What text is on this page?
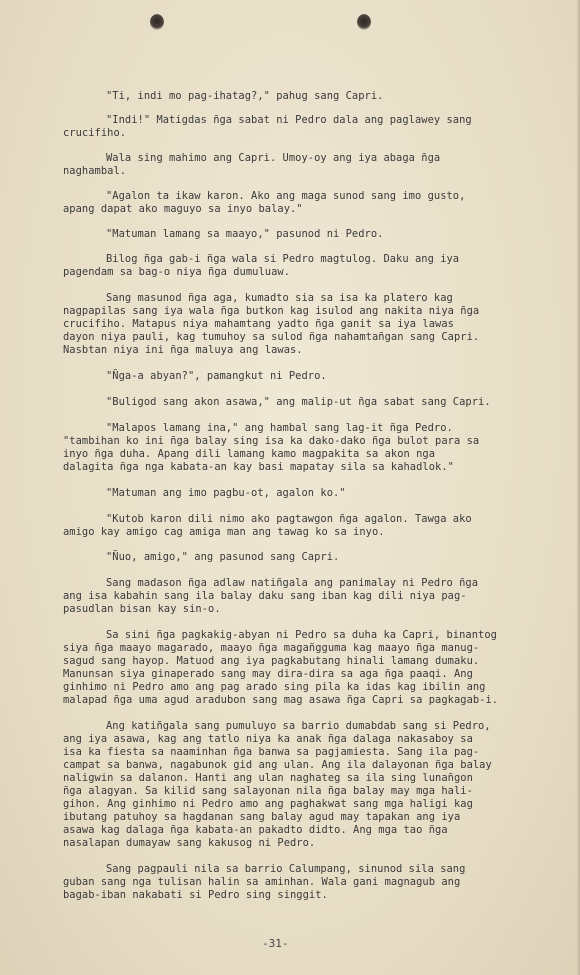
"Ti, indi mo pag-ihatag?," pahug sang Capri.
"Indi!" Matigdas ñga sabat ni Pedro dala ang paglawey sang
crucifiho.
Wala sing mahimo ang Capri. Umoy-oy ang iya abaga ñga
naghambal.
"Agalon ta ikaw karon. Ako ang maga sunod sang imo gusto,
apang dapat ako maguyo sa inyo balay."
"Matuman lamang sa maayo," pasunod ni Pedro.
Bilog ñga gab-i ñga wala si Pedro magtulog. Daku ang iya
pagendam sa bag-o niya ñga dumuluaw.
Sang masunod ñga aga, kumadto sia sa isa ka platero kag
nagpapilas sang iya wala ñga butkon kag isulod ang nakita niya ñga
crucifiho. Matapus niya mahamtang yadto ñga ganit sa iya lawas
dayon niya pauli, kag tumuhoy sa sulod ñga nahamtañgan sang Capri.
Nasbtan niya ini ñga maluya ang lawas.
"Ñga-a abyan?", pamangkut ni Pedro.
"Buligod sang akon asawa," ang malip-ut ñga sabat sang Capri.
"Malapos lamang ina," ang hambal sang lag-it ñga Pedro.
"tambihan ko ini ñga balay sing isa ka dako-dako ñga bulot para sa
inyo ñga duha. Apang dili lamang kamo magpakita sa akon nga
dalagita ñga nga kabata-an kay basi mapatay sila sa kahadlok."
"Matuman ang imo pagbu-ot, agalon ko."
"Kutob karon dili nimo ako pagtawgon ñga agalon. Tawga ako
amigo kay amigo cag amiga man ang tawag ko sa inyo.
"Ñuo, amigo," ang pasunod sang Capri.
Sang madason ñga adlaw natiñgala ang panimalay ni Pedro ñga
ang isa kabahin sang ila balay daku sang iban kag dili niya pag-
pasudlan bisan kay sin-o.
Sa sini ñga pagkakig-abyan ni Pedro sa duha ka Capri, binantog
siya ñga maayo magarado, maayo ñga magañgguma kag maayo ñga manug-
sagud sang hayop. Matuod ang iya pagkabutang hinali lamang dumaku.
Manunsan siya ginaperado sang may dira-dira sa aga ñga paaqi. Ang
ginhimo ni Pedro amo ang pag arado sing pila ka idas kag ibilin ang
malapad ñga uma agud aradubon sang mag asawa ñga Capri sa pagkagab-i.
Ang katiñgala sang pumuluyo sa barrio dumabdab sang si Pedro,
ang iya asawa, kag ang tatlo niya ka anak ñga dalaga nakasaboy sa
isa ka fiesta sa naaminhan ñga banwa sa pagjamiesta. Sang ila pag-
campat sa banwa, nagabunok gid ang ulan. Ang ila dalayonan ñga balay
naligwin sa dalanon. Hanti ang ulan naghateg sa ila sing lunañgon
ñga alagyan. Sa kilid sang salayonan nila ñga balay may mga hali-
gihon. Ang ginhimo ni Pedro amo ang paghakwat sang mga haligi kag
ibutang patuhoy sa hagdanan sang balay agud may tapakan ang iya
asawa kag dalaga ñga kabata-an pakadto didto. Ang mga tao ñga
nasalapan dumayaw sang kakusog ni Pedro.
Sang pagpauli nila sa barrio Calumpang, sinunod sila sang
guban sang nga tulisan halin sa aminhan. Wala gani magnagub ang
bagab-iban nakabati si Pedro sing singgit.
-31-
